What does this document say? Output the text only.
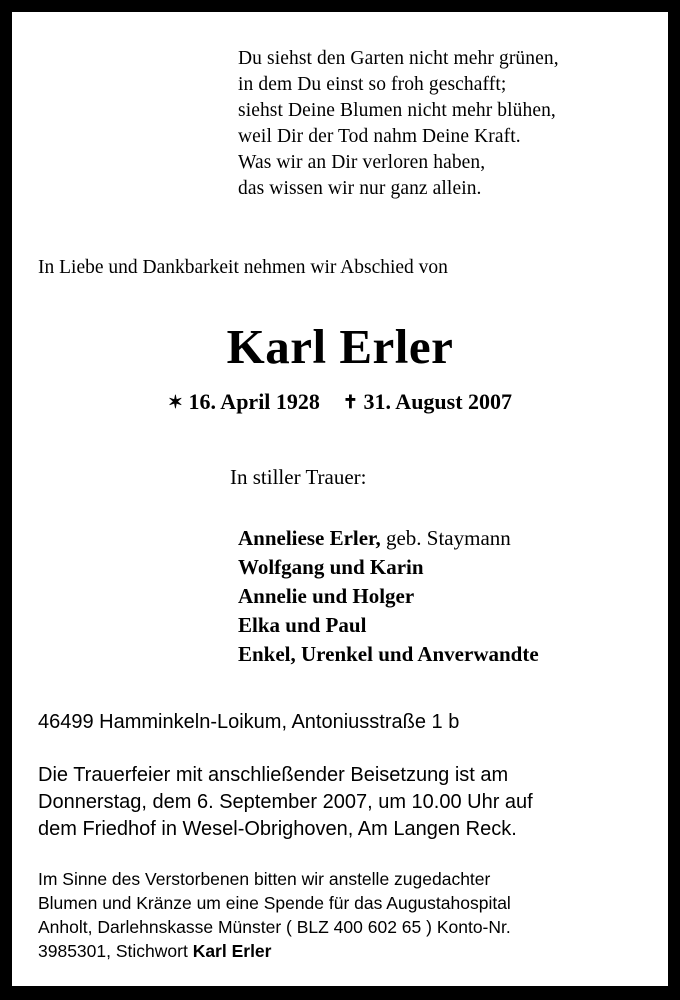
Du siehst den Garten nicht mehr grünen,
in dem Du einst so froh geschafft;
siehst Deine Blumen nicht mehr blühen,
weil Dir der Tod nahm Deine Kraft.
Was wir an Dir verloren haben,
das wissen wir nur ganz allein.
In Liebe und Dankbarkeit nehmen wir Abschied von
Karl Erler
✶ 16. April 1928 ✝ 31. August 2007
In stiller Trauer:
Anneliese Erler, geb. Staymann
Wolfgang und Karin
Annelie und Holger
Elka und Paul
Enkel, Urenkel und Anverwandte
46499 Hamminkeln-Loikum, Antoniusstraße 1 b
Die Trauerfeier mit anschließender Beisetzung ist am
Donnerstag, dem 6. September 2007, um 10.00 Uhr auf
dem Friedhof in Wesel-Obrighoven, Am Langen Reck.
Im Sinne des Verstorbenen bitten wir anstelle zugedachter
Blumen und Kränze um eine Spende für das Augustahospital
Anholt, Darlehnskasse Münster ( BLZ 400 602 65 ) Konto-Nr.
3985301, Stichwort Karl Erler
